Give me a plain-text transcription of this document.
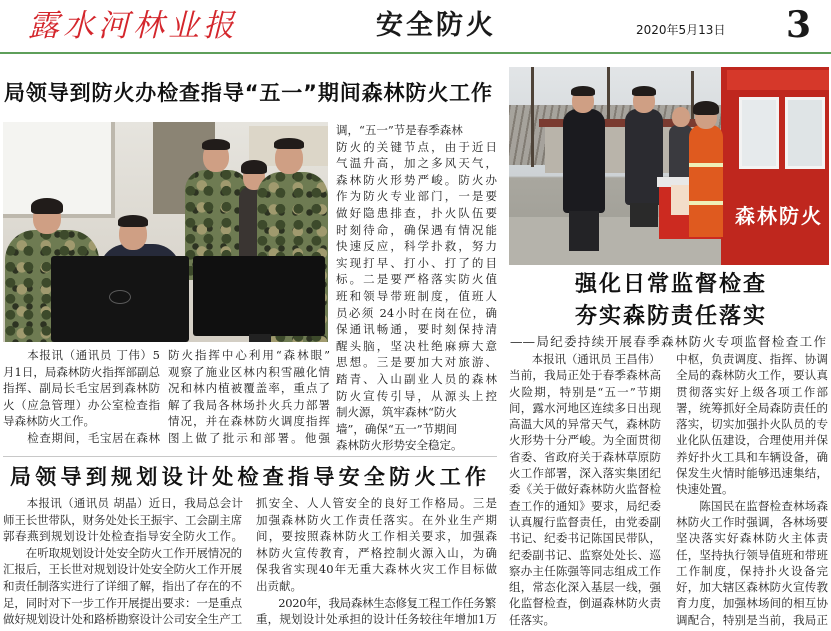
露水河林业报	安全防火	2020年5月13日 3
局领导到防火办检查指导“五一”期间森林防火工作
调，“五一”节是春季森林
防火的关键节点，由于近日
气温升高，加之多风天气，
森林防火形势严峻。防火办
作为防火专业部门，一是要
做好隐患排查，扑火队伍要
时刻待命，确保遇有情况能
快速反应，科学扑救，努力
实现打早、打小、打了的目
标。二是要严格落实防火值
班和领导带班制度，值班人
员必须 24小时在岗在位，确
保通讯畅通，要时刻保持清
醒头脑，坚决杜绝麻痹大意
思想。三是要加大对旅游、
踏青、入山副业人员的森林
防火宣传引导，从源头上控
制火源，筑牢森林“防火
墙”，确保“五一”节期间
森林防火形势安全稳定。
　　本报讯（通讯员 丁伟）5
月1日，局森林防火指挥部副总
指挥、副局长毛宝居到森林防
火（应急管理）办公室检查指
导森林防火工作。
　　检查期间，毛宝居在森林
防火指挥中心利用“森林眼”
观察了施业区林内积雪融化情
况和林内植被覆盖率，重点了
解了我局各林场扑火兵力部署
情况，并在森林防火调度指挥
图上做了批示和部署。他强
局领导到规划设计处检查指导安全防火工作
　　本报讯（通讯员 胡晶）近日，我局总会计
师王长世带队，财务处处长王振宇、工会副主席
郭春燕到规划设计处检查指导安全防火工作。
　　在听取规划设计处安全防火工作开展情况的
汇报后，王长世对规划设计处安全防火工作开展
和责任制落实进行了详细了解，指出了存在的不
足，同时对下一步工作开展提出要求：一是重点
做好规划设计处和路桥勘察设计公司安全生产工
抓安全、人人管安全的良好工作格局。三是
加强森林防火工作责任落实。在外业生产期
间，要按照森林防火工作相关要求，加强森
林防火宣传教育，严格控制火源入山，为确
保我省实现40年无重大森林火灾工作目标做
出贡献。
　　2020年，我局森林生态修复工程工作任务繁
重，规划设计处承担的设计任务较往年增加1万
森林防火
强化日常监督检查
夯实森防责任落实
——局纪委持续开展春季森林防火专项监督检查工作
　　本报讯（通讯员 王昌伟）
当前，我局正处于春季森林高
火险期，特别是“五一”节期
间，露水河地区连续多日出现
高温大风的异常天气，森林防
火形势十分严峻。为全面贯彻
省委、省政府关于森林草原防
火工作部署，深入落实集团纪
委《关于做好森林防火监督检
查工作的通知》要求，局纪委
认真履行监督责任，由党委副
书记、纪委书记陈国民带队，
纪委副书记、监察处处长、巡
察办主任陈强等同志组成工作
组，常态化深入基层一线，强
化监督检查，倒逼森林防火责
任落实。
中枢，负责调度、指挥、协调
全局的森林防火工作，要认真
贯彻落实好上级各项工作部
署，统筹抓好全局森防责任的
落实，切实加强扑火队员的专
业化队伍建设，合理使用并保
养好扑火工具和车辆设备，确
保发生火情时能够迅速集结，
快速处置。
　　陈国民在监督检查林场森
林防火工作时强调，各林场要
坚决落实好森林防火主体责
任，坚持执行领导值班和带班
工作制度，保持扑火设备完
好，加大辖区森林防火宣传教
育力度，加强林场间的相互协
调配合，特别是当前，我局正
